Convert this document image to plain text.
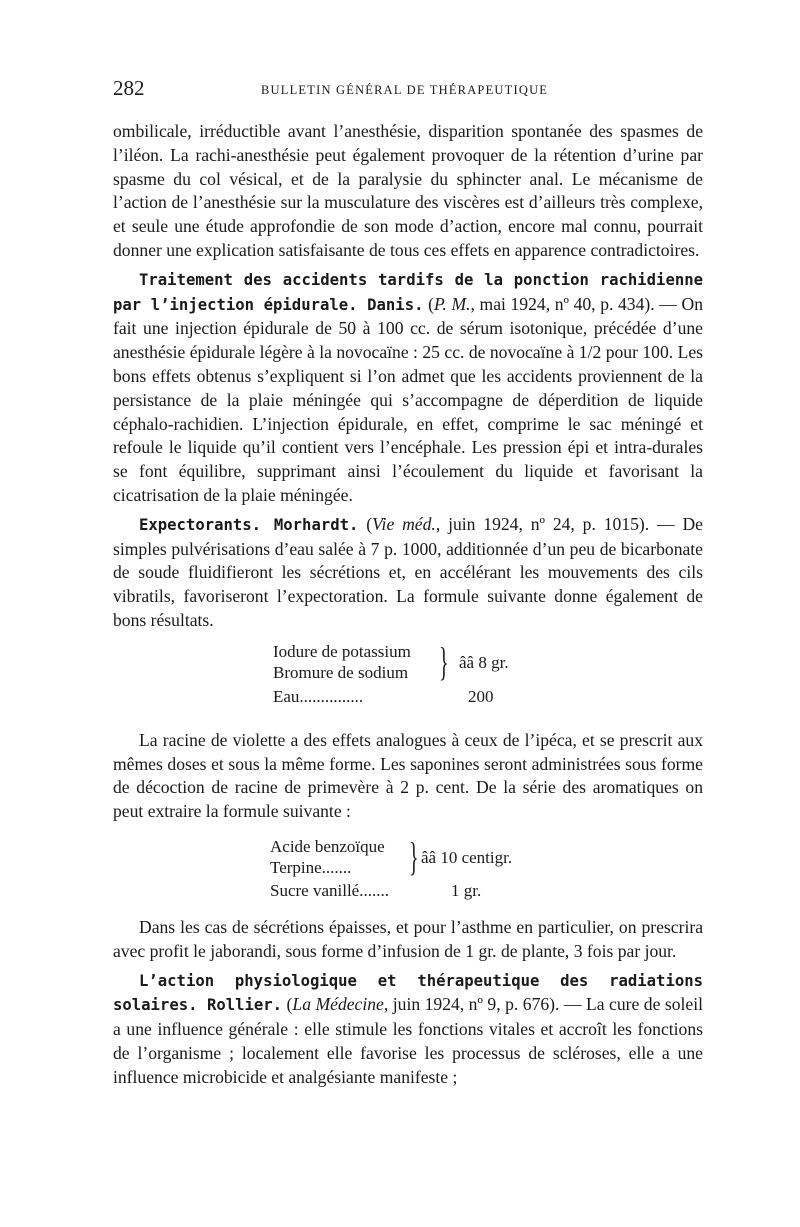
282	BULLETIN GÉNÉRAL DE THÉRAPEUTIQUE

ombilicale, irréductible avant l’anesthésie, disparition spontanée des spasmes de l’iléon. La rachi-anesthésie peut également provoquer de la rétention d’urine par spasme du col vésical, et de la paralysie du sphincter anal. Le mécanisme de l’action de l’anesthésie sur la musculature des viscères est d’ailleurs très complexe, et seule une étude approfondie de son mode d’action, encore mal connu, pourrait donner une explication satisfaisante de tous ces effets en apparence contradictoires.

Traitement des accidents tardifs de la ponction rachidienne par l’injection épidurale. Danis. (P. M., mai 1924, nº 40, p. 434). — On fait une injection épidurale de 50 à 100 cc. de sérum isotonique, précédée d’une anesthésie épidurale légère à la novocaïne : 25 cc. de novocaïne à 1/2 pour 100. Les bons effets obtenus s’expliquent si l’on admet que les accidents proviennent de la persistance de la plaie méningée qui s’accompagne de déperdition de liquide céphalo-rachidien. L’injection épidurale, en effet, comprime le sac méningé et refoule le liquide qu’il contient vers l’encéphale. Les pression épi et intra-durales se font équilibre, supprimant ainsi l’écoulement du liquide et favorisant la cicatrisation de la plaie méningée.

Expectorants. Morhardt. (Vie méd., juin 1924, nº 24, p. 1015). — De simples pulvérisations d’eau salée à 7 p. 1000, additionnée d’un peu de bicarbonate de soude fluidifieront les sécrétions et, en accélérant les mouvements des cils vibratils, favoriseront l’expectoration. La formule suivante donne également de bons résultats.

Iodure de potassium
Bromure de sodium } ââ 8 gr.
Eau...............	200

La racine de violette a des effets analogues à ceux de l’ipéca, et se prescrit aux mêmes doses et sous la même forme. Les saponines seront administrées sous forme de décoction de racine de primevère à 2 p. cent. De la série des aromatiques on peut extraire la formule suivante :

Acide benzoïque
Terpine....... } ââ 10 centigr.
Sucre vanillé.......	1 gr.

Dans les cas de sécrétions épaisses, et pour l’asthme en particulier, on prescrira avec profit le jaborandi, sous forme d’infusion de 1 gr. de plante, 3 fois par jour.

L’action physiologique et thérapeutique des radiations solaires. Rollier. (La Médecine, juin 1924, nº 9, p. 676). — La cure de soleil a une influence générale : elle stimule les fonctions vitales et accroît les fonctions de l’organisme ; localement elle favorise les processus de scléroses, elle a une influence microbicide et analgésiante manifeste ;
